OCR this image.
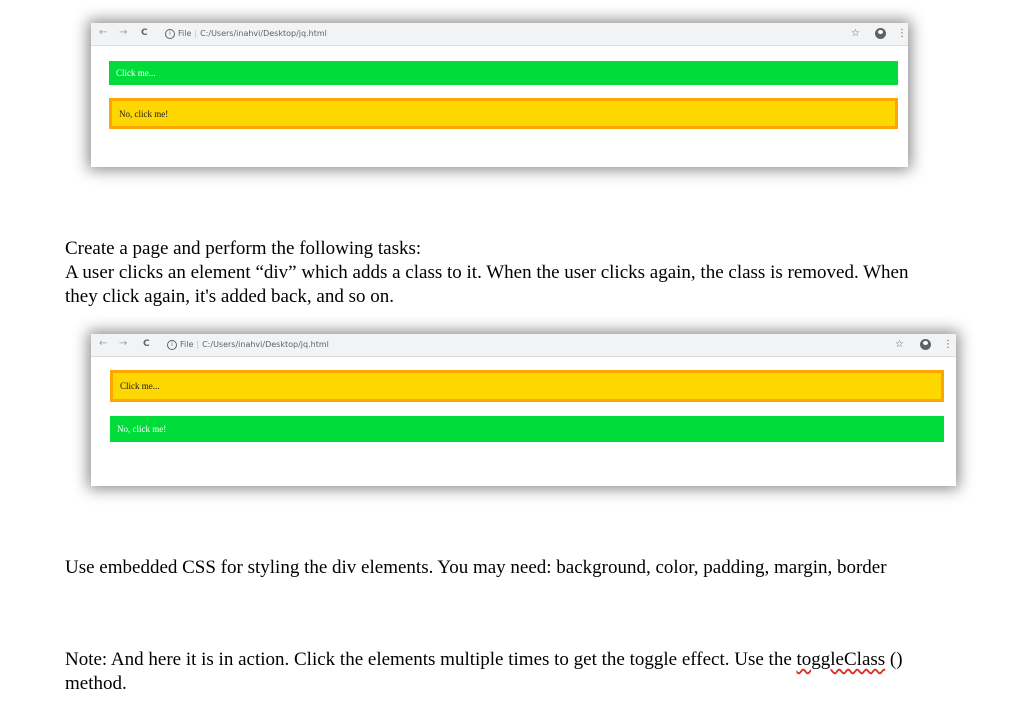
← → C	i File | C:/Users/inahvi/Desktop/jq.html	☆	⋮
Click me...
No, click me!

Create a page and perform the following tasks:
A user clicks an element “div” which adds a class to it. When the user clicks again, the class is removed. When they click again, it's added back, and so on.

← → C	i File | C:/Users/inahvi/Desktop/jq.html	☆	⋮
Click me...
No, click me!

Use embedded CSS for styling the div elements. You may need: background, color, padding, margin, border

Note: And here it is in action. Click the elements multiple times to get the toggle effect. Use the toggleClass () method.
